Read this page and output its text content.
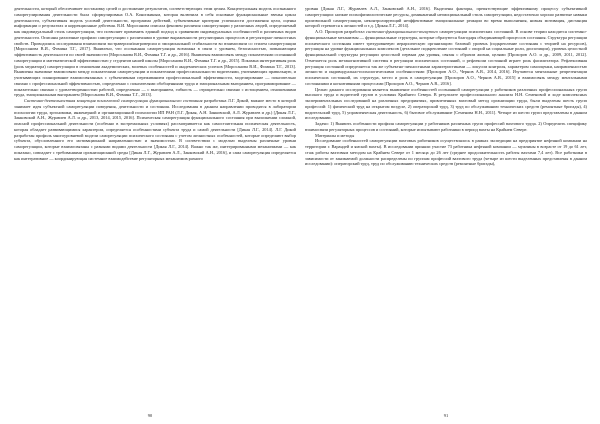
деятельности, который обеспечивает постановку целей и достижение результатов, соответствующих этим целям. Концептуальная модель осознанного саморегулирования деятельности была сформулирована О.А. Конопкиным, которая включила в себя основные функциональные звенья цикла деятельности, субъективная модель условий деятельности, программа действий, субъективные критерии успешности достижения цели, оценка информации о результатах и коррекционные действия. В.И. Моросанова описала феномен различия саморегуляции у различных людей, определяемый как индивидуальный стиль саморегуляции, что позволяет применить единый подход к сравнению индивидуальных особенностей и различных видов деятельности. Описаны различные профили саморегуляции с различиями в уровне выраженности регуляторных процессов и регуляторно-личностных свойств. Проводились исследования взаимосвязи экстраверсии/интроверсии и эмоциональной стабильности во взаимосвязи со стилем саморегуляции [Моросанова В.И., Фомина Т.Г., 2017]. Выявлено, что осознанная саморегуляция возможна в связи с уровнем, безопасностью, повышающим эффективность деятельности по своей значимости [Моросанова В.И., Фомина Т.Г. и др., 2016]. Выявлены взаимосвязь между показателями осознанной саморегуляции и математической эффективностью у студентов нашей школы [Моросанова В.И., Фомина Т.Г. и др., 2015]. Показана интегративная роль (роль медиатора) саморегуляции в отношении академических, волевых особенностей и академических успехов [Моросанова В.И., Фомина Т.Г., 2013]. Выявлены значимые взаимосвязи между показателями саморегуляции и показателями профессиональности водителями, учитывающих правильную, и учитывающих планирование взаимосвязанных с субъективным переживанием профессиональной эффективности, моделирование — показательно связано с профессиональной эффективностью, определенно с показателями обобщенными труда и эмоциональным выгоранием, программирование — показательно связано с удовлетворенностью работой, определенно — с выгоранием, гибкость — отрицательно связано с истощением, отношениями труда, эмоциональным выгоранием [Моросанова В.И., Фомина Т.Г., 2013].

Системно-деятельностная концепция психической саморегуляции функционального состояния разработана Л.Г. Дикой, важное место в которой занимает идея субъектной саморегуляции поведения, деятельности и состояния. Исследования в данном направлении проводятся в лаборатории психологии труда, эргономики, инженерной и организационной психологии ИП РАН (Л.Г. Дикая, А.Н. Занковский, А.Л. Журавлев и др.) [Дикая Л.Г., Занковский А.Н., Журавлев А.Л. и др., 2013, 2014, 2015, 2016]. Психическая саморегуляция функционального состояния при выполнении сложной, опасной профессиональной деятельности (особенно в экстремальных условиях) рассматривается как самостоятельная психическая деятельность, которая обладает развивающимися характером, определяется особенностями субъекта труда и самой деятельности [Дикая Л.Г., 2014]. Л.Г. Дикой разработан профиль многоуровневой модели саморегуляции психического состояния с учетом личностных особенностей, которые определяют выбор субъекта, обусловленного его мотивационной направленностью и значимостью. В соответствии с моделью выделены различные уровни саморегуляции, которые взаимосвязаны с разными видами деятельности [Дикая Л.Г., 2014]. Важно так же, интегрированными механизмами — как показано, совпадает с требованиями организационной среды [Дикая Л.Г., Журавлев А.Л., Занковский А.Н., 2016], и сама саморегуляция определяется как интегративное — координирующая системное взаимодействие регуляторных механизмов разного

90

уровня [Дикая Л.Г., Журавлев А.Л., Занковский А.Н., 2016]. Выделены факторы, препятствующие эффективному процессу субъективной саморегуляции: низкие психофизиологические ресурсы, доминантный неэмоциональный стиль саморегуляции, недостаточно хорошо развитые навыки произвольной саморегуляции, неконтролирующий неэффективные эмоциональные реакции во время выполнения, низкая мотивация, дистанция которой стремится к личностей и т.д. [Дикая Л.Г., 2014].

А.О. Прохоров разработал системно-функционального-вогнутого саморегуляции психических состояний. В основе теории находится системно-функциональные механизмы — функциональные структуры, которые образуются благодаря объединяющей процессов состояния. Структура регуляции психического состояния имеет трехуровневую иерархическую организацию: базовый уровень (подкрепление состояния с теорией на ресурсов), регуляция на уровне функциональных комплексов (детальное подкрепление состояний с опорой на социальные роли, диспозиции), уровень целостной функциональной структуры регуляции целостной первым два уровня, связан с образом жизни, целями [Прохоров А.О. и др., 2009, 2011, 2012]. Отмечается роль метакогнитивной системы в регуляции психических состояний, о рефлексии состояний играет роль фасилитатора. Рефлексивная регуляция состояний определяется так же субъектно-личностными характеристиками — локусом контроля, характером самооценки, направленностью личности и индивидуально-психологическими особенностями [Прохоров А.О., Чернов А.В., 2014, 2016]. Изучаются ментальные репрезентации психических состояний, их структура, место и роль в саморегуляции [Прохоров А.О., Чернов А.В., 2015] и взаимосвязь между ментальными состояниями и когнитивными процессами [Прохоров А.О., Чернов А.В., 2016].

Целью данного исследования является выявление особенностей осознанной саморегуляции у работников различных профессиональных групп высокого труда и водителей грузов в условиях Крайнего Севера. В результате профессионального анализа Н.Н. Семеновой и ходе комплексных экспериментальных исследований на различных предприятиях, привлеченных вахтовый метод организации труда, были выделены шесть групп профессий: 1) физический труд на открытом воздухе, 2) операторский труд, 3) труд по обслуживанию технических средств (ремонтные бригады), 4) водительский труд, 5) управленческая деятельность, 6) бытовое обслуживание [Семенова Н.Н., 2011]. Четыре из шести групп представлены в данном исследовании.

Задачи: 1) Выявить особенности профиля саморегуляции у работников различных групп профессий вахтового труда. 2) Определить специфику взаимосвязи регуляторных процессов и состояний, которые испытывают работники в период вахты на Крайнем Севере.

Материалы и методы

Исследование особенностей саморегуляции вахтовых работников осуществлялось в рамках экспедиции на предприятие нефтяной компании на территории г. Варандей и ямской вахты). В исследовании приняли участие 73 работника нефтяной компании — мужчины в возрасте от 19 до 61 лет, стаж работы вахтовым методом на Крайнем Севере от 1 месяца до 26 лет (среднее продолжительность работы вахтами 7,4 лет). Все работники в зависимости от занимаемой должности распределены по группам профессий вахтового труда (четыре из шести выделенных представлены в данном исследовании): операторский труд, труд по обслуживанию технических средств (ремонтные бригады),

91
